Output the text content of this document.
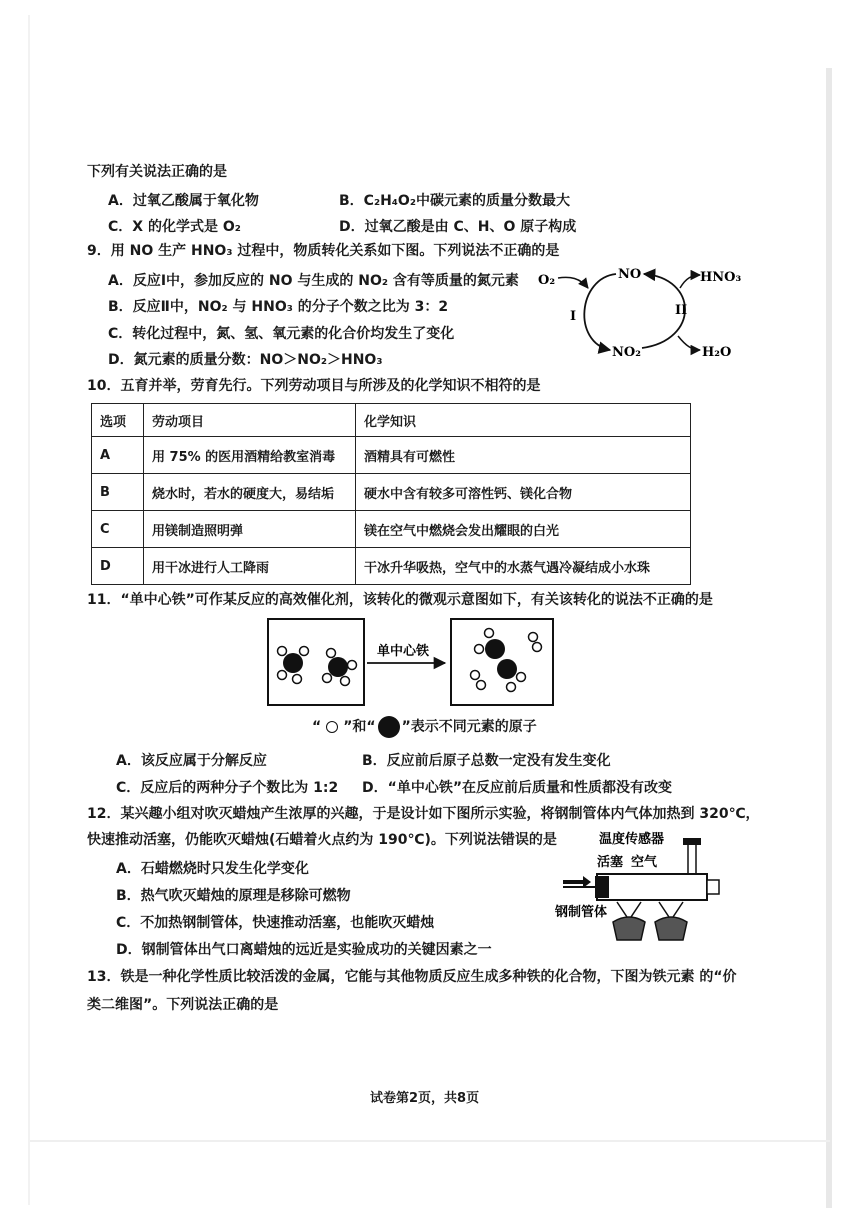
下列有关说法正确的是
A．过氧乙酸属于氧化物	B．C₂H₄O₂中碳元素的质量分数最大
C．X 的化学式是 O₂	D．过氧乙酸是由 C、H、O 原子构成
9．用 NO 生产 HNO₃ 过程中，物质转化关系如下图。下列说法不正确的是
A．反应Ⅰ中，参加反应的 NO 与生成的 NO₂ 含有等质量的氮元素
B．反应Ⅱ中，NO₂ 与 HNO₃ 的分子个数之比为 3：2
C．转化过程中，氮、氢、氧元素的化合价均发生了变化
D．氮元素的质量分数：NO＞NO₂＞HNO₃
O₂	NO	HNO₃
NO₂	H₂O
I	II
10．五育并举，劳育先行。下列劳动项目与所涉及的化学知识不相符的是
选项	劳动项目	化学知识
A	用 75% 的医用酒精给教室消毒	酒精具有可燃性
B	烧水时，若水的硬度大，易结垢	硬水中含有较多可溶性钙、镁化合物
C	用镁制造照明弹	镁在空气中燃烧会发出耀眼的白光
D	用干冰进行人工降雨	干冰升华吸热，空气中的水蒸气遇冷凝结成小水珠
11．“单中心铁”可作某反应的高效催化剂，该转化的微观示意图如下，有关该转化的说法不正确的是
单中心铁
“ ”和“ ”表示不同元素的原子
A．该反应属于分解反应	B．反应前后原子总数一定没有发生变化
C．反应后的两种分子个数比为 1:2 D．“单中心铁”在反应前后质量和性质都没有改变
12．某兴趣小组对吹灭蜡烛产生浓厚的兴趣，于是设计如下图所示实验，将钢制管体内气体加热到 320℃，
快速推动活塞，仍能吹灭蜡烛(石蜡着火点约为 190℃)。下列说法错误的是
A．石蜡燃烧时只发生化学变化
B．热气吹灭蜡烛的原理是移除可燃物
C．不加热钢制管体，快速推动活塞，也能吹灭蜡烛
D．钢制管体出气口离蜡烛的远近是实验成功的关键因素之一
温度传感器
活塞 空气
钢制管体
13．铁是一种化学性质比较活泼的金属，它能与其他物质反应生成多种铁的化合物，下图为铁元素 的“价
类二维图”。下列说法正确的是
试卷第2页，共8页
